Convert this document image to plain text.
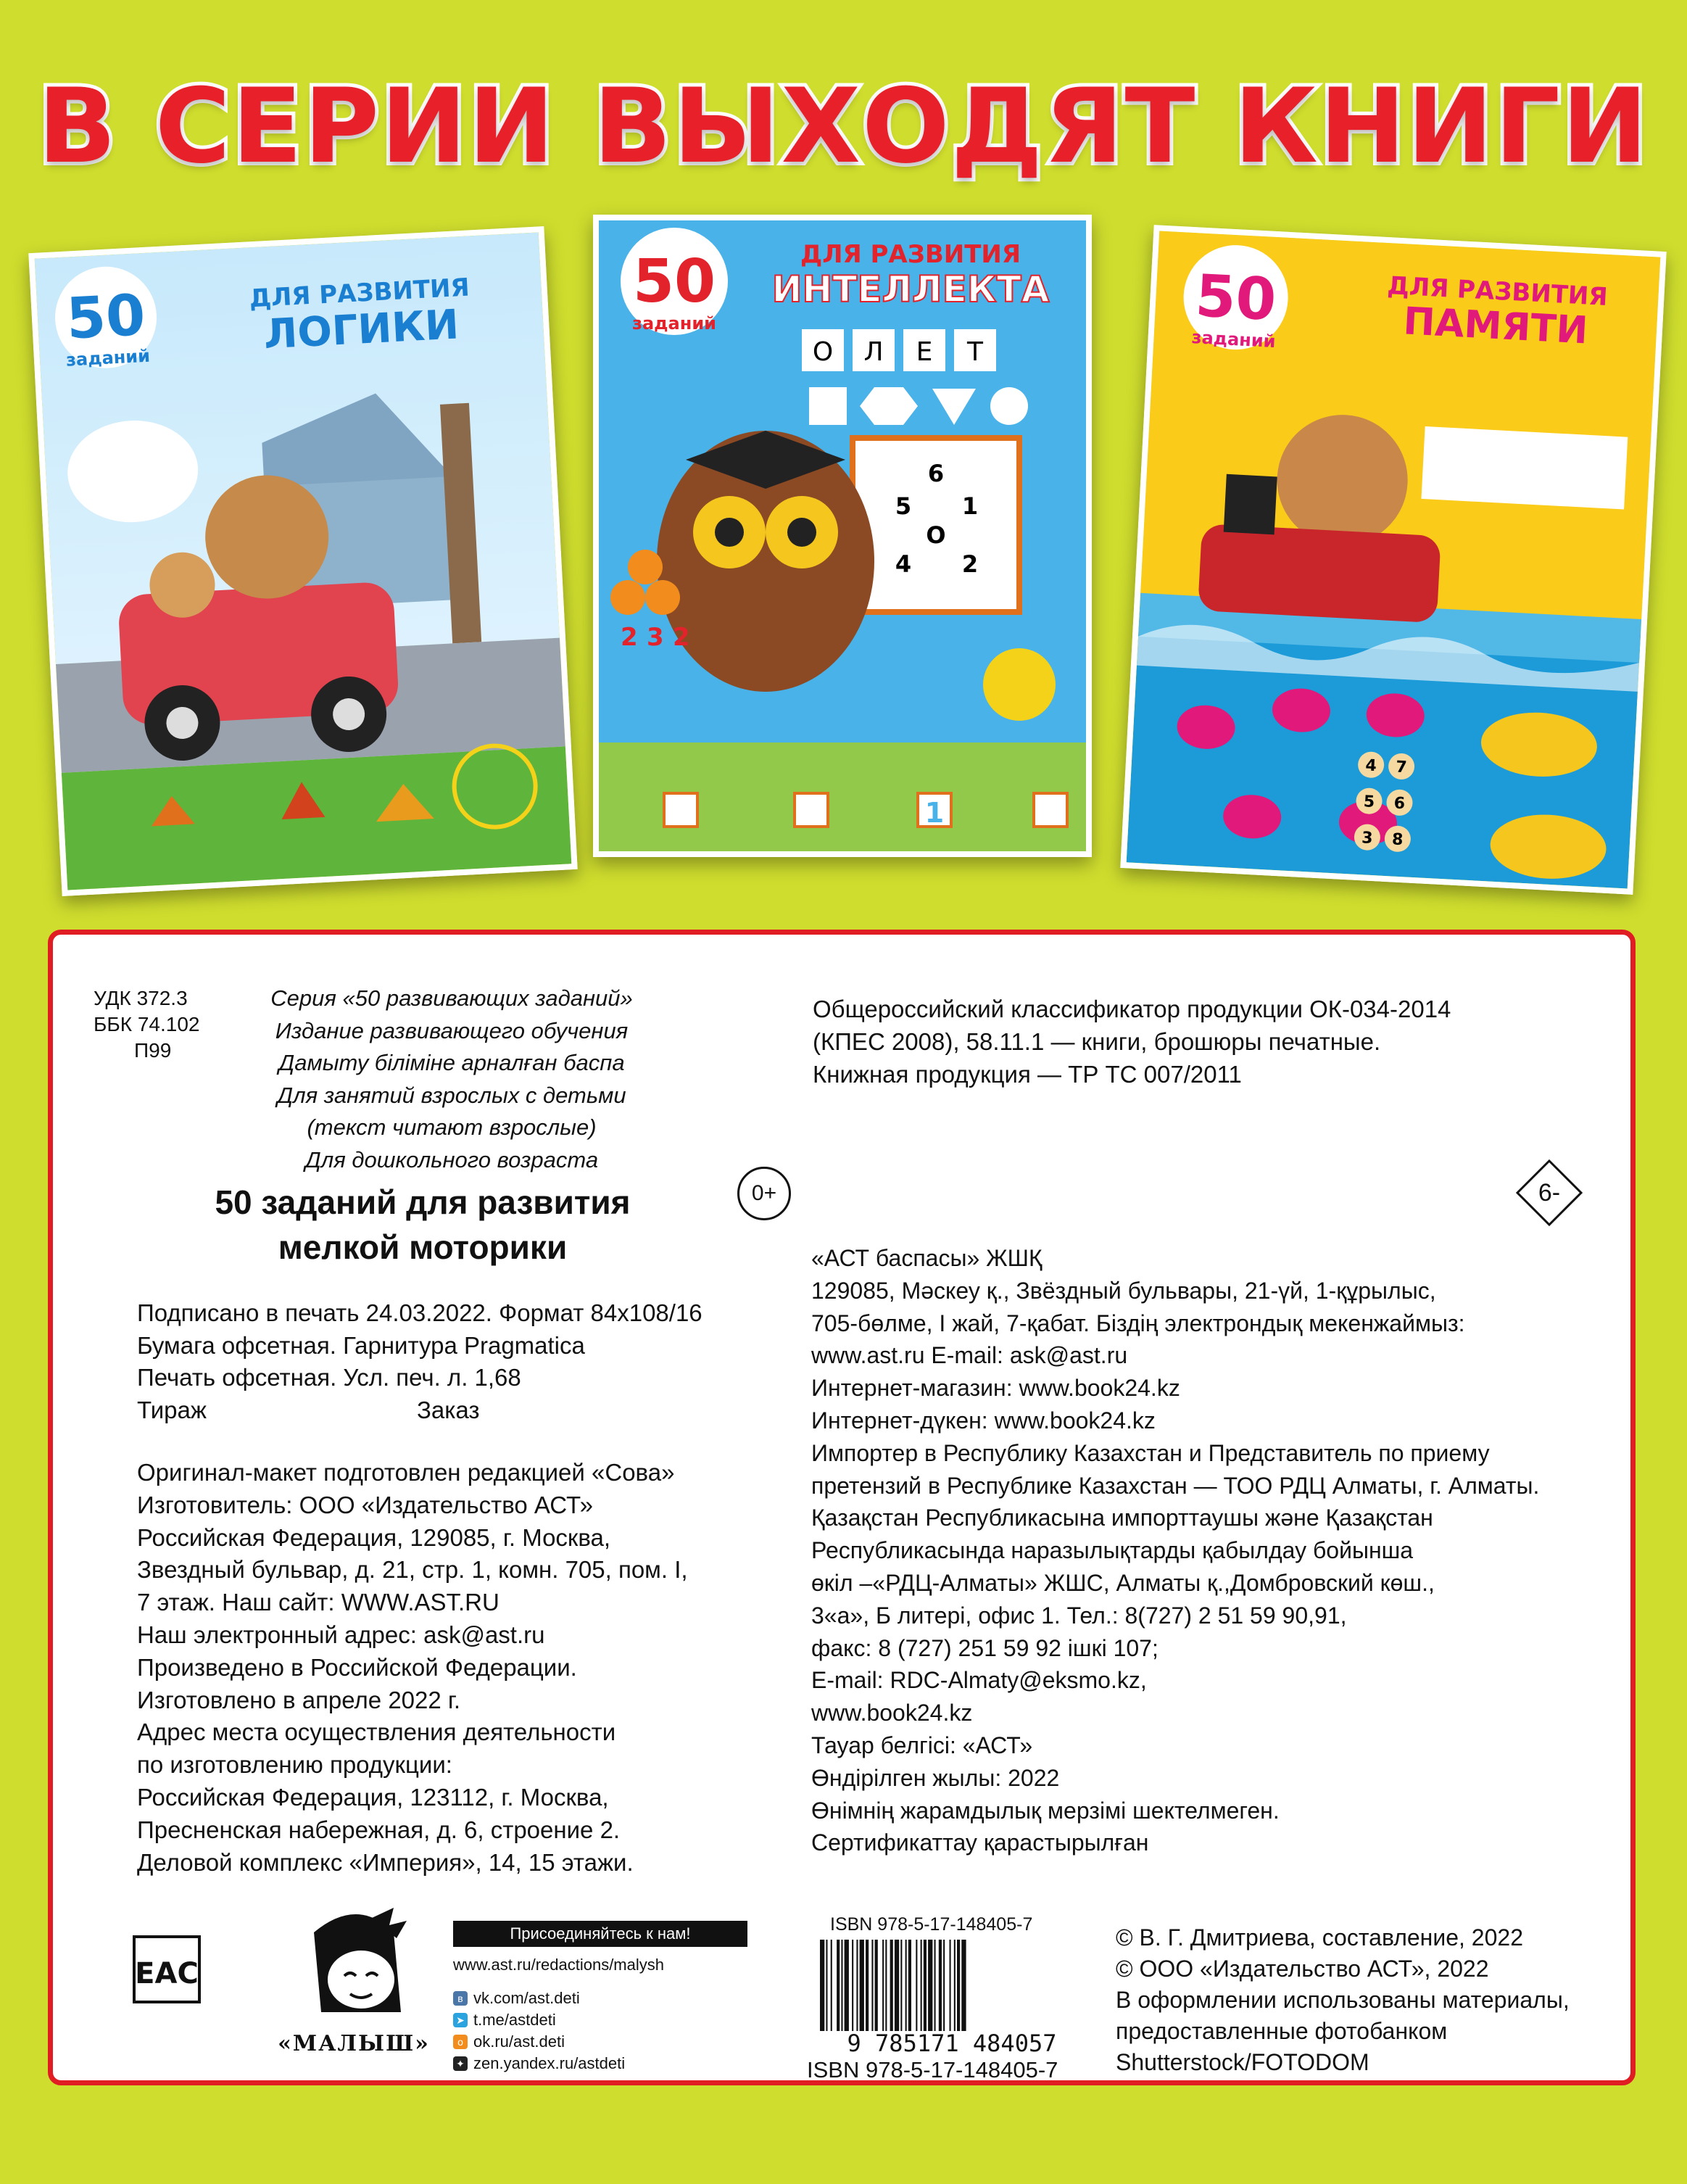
В СЕРИИ ВЫХОДЯТ КНИГИ
50
заданий
ДЛЯ РАЗВИТИЯ
ЛОГИКИ
50
заданий
ДЛЯ РАЗВИТИЯ
ИНТЕЛЛЕКТА
О Л Е Т
6
5 1
О
4 2
2 3 2
1
50
заданий
ДЛЯ РАЗВИТИЯ
ПАМЯТИ
4 7
5 6
3 8
УДК 372.3
ББК 74.102
П99
Серия «50 развивающих заданий»
Издание развивающего обучения
Дамыту біліміне арналған баспа
Для занятий взрослых с детьми
(текст читают взрослые)
Для дошкольного возраста
Общероссийский классификатор продукции ОК-034-2014
(КПЕС 2008), 58.11.1 — книги, брошюры печатные.
Книжная продукция — ТР ТС 007/2011
0+	6-
50 заданий для развития
мелкой моторики
Подписано в печать 24.03.2022. Формат 84x108/16
Бумага офсетная. Гарнитура Pragmatica
Печать офсетная. Усл. печ. л. 1,68
Тираж	Заказ
Оригинал-макет подготовлен редакцией «Сова»
Изготовитель: ООО «Издательство АСТ»
Российская Федерация, 129085, г. Москва,
Звездный бульвар, д. 21, стр. 1, комн. 705, пом. I,
7 этаж. Наш сайт: WWW.AST.RU
Наш электронный адрес: ask@ast.ru
Произведено в Российской Федерации.
Изготовлено в апреле 2022 г.
Адрес места осуществления деятельности
по изготовлению продукции:
Российская Федерация, 123112, г. Москва,
Пресненская набережная, д. 6, строение 2.
Деловой комплекс «Империя», 14, 15 этажи.
«АСТ баспасы» ЖШҚ
129085, Мәскеу қ., Звёздный бульвары, 21-үй, 1-құрылыс,
705-бөлме, I жай, 7-қабат. Біздің электрондық мекенжаймыз:
www.ast.ru E-mail: ask@ast.ru
Интернет-магазин: www.book24.kz
Интернет-дүкен: www.book24.kz
Импортер в Республику Казахстан и Представитель по приему
претензий в Республике Казахстан — ТОО РДЦ Алматы, г. Алматы.
Қазақстан Республикасына импорттаушы және Қазақстан
Республикасында наразылықтарды қабылдау бойынша
өкіл –«РДЦ-Алматы» ЖШС, Алматы қ.,Домбровский көш.,
3«а», Б литері, офис 1. Тел.: 8(727) 2 51 59 90,91,
факс: 8 (727) 251 59 92 ішкі 107;
E-mail: RDC-Almaty@eksmo.kz,
www.book24.kz
Тауар белгісі: «АСТ»
Өндірілген жылы: 2022
Өнімнің жарамдылық мерзімі шектелмеген.
Сертификаттау қарастырылған
EAC
«МАЛЫШ»
Присоединяйтесь к нам!
www.ast.ru/redactions/malysh
в vk.com/ast.deti
➤ t.me/astdeti
о ok.ru/ast.deti
✦ zen.yandex.ru/astdeti
ISBN 978-5-17-148405-7
9 785171 484057
ISBN 978-5-17-148405-7
© В. Г. Дмитриева, составление, 2022
© ООО «Издательство АСТ», 2022
В оформлении использованы материалы,
предоставленные фотобанком
Shutterstock/FOTODOM
